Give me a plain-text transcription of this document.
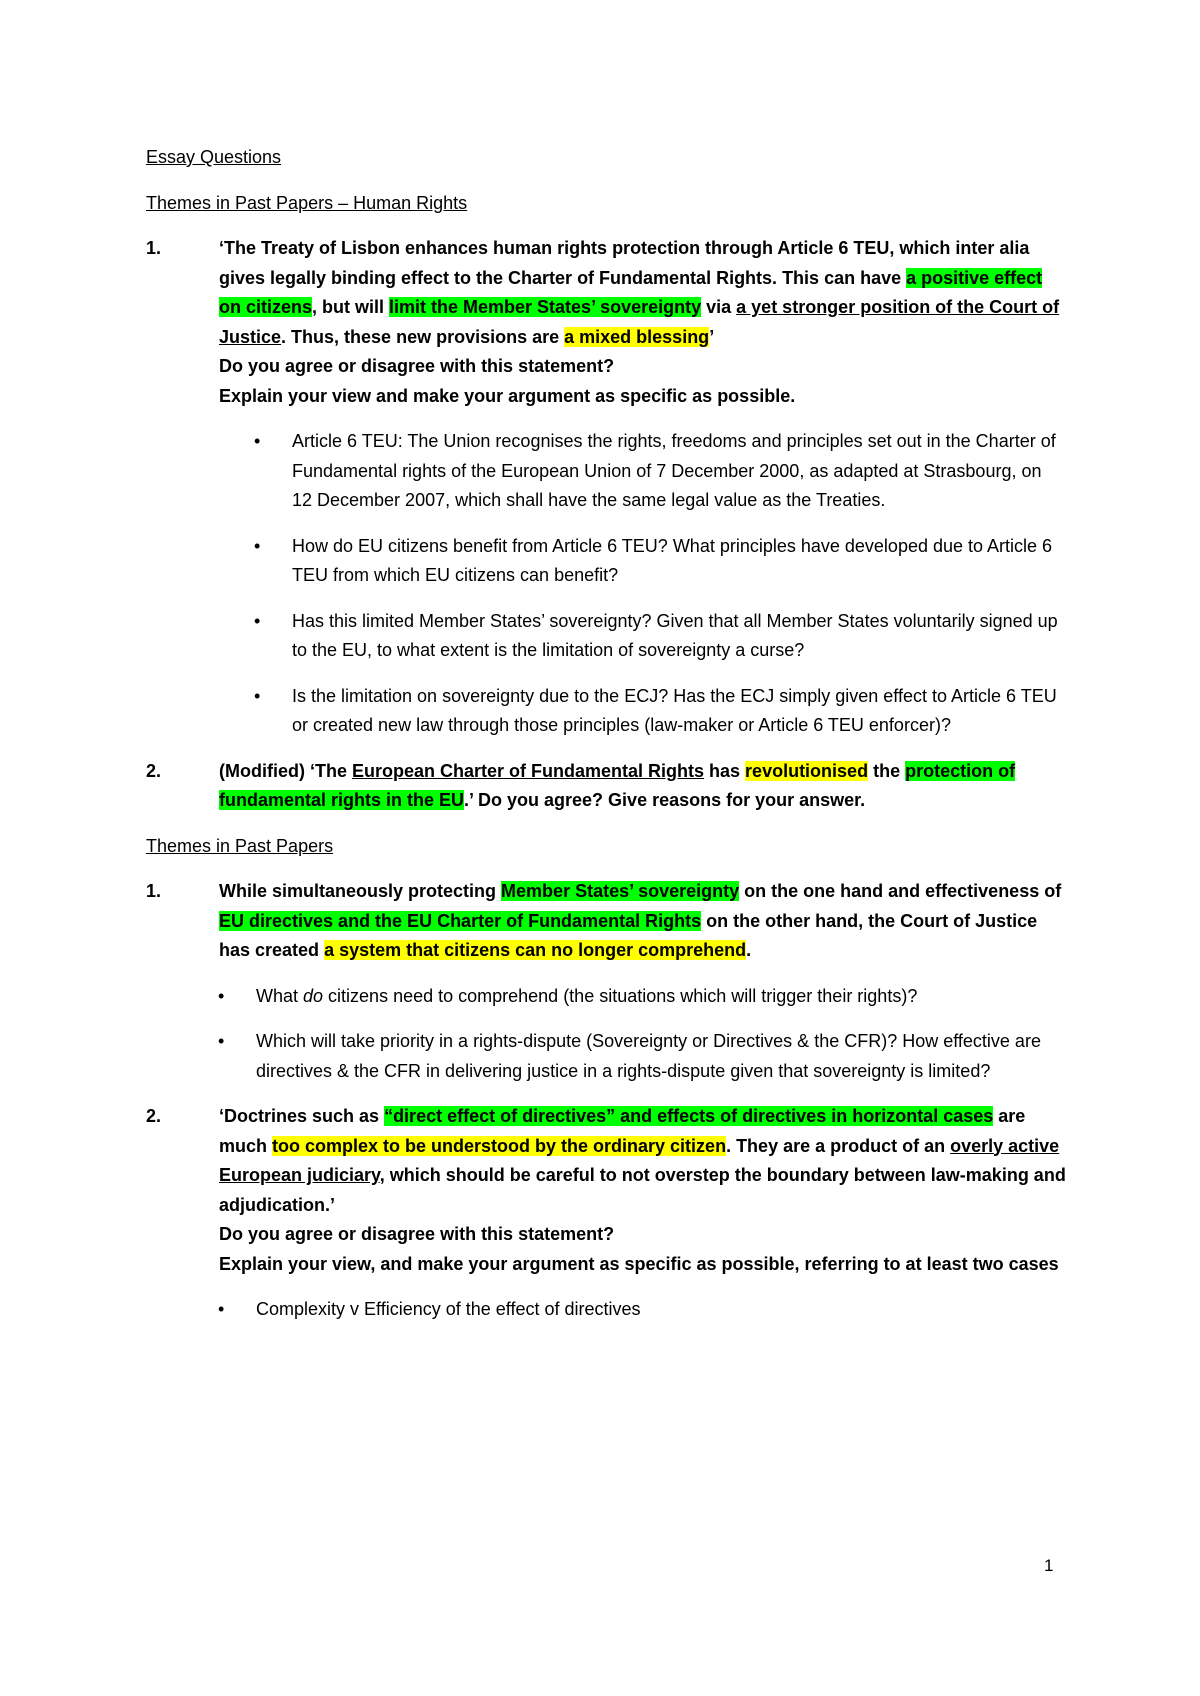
Essay Questions
Themes in Past Papers – Human Rights
1.	‘The Treaty of Lisbon enhances human rights protection through Article 6 TEU, which inter alia gives legally binding effect to the Charter of Fundamental Rights. This can have a positive effect on citizens, but will limit the Member States’ sovereignty via a yet stronger position of the Court of Justice. Thus, these new provisions are a mixed blessing’
Do you agree or disagree with this statement?
Explain your view and make your argument as specific as possible.
• Article 6 TEU: The Union recognises the rights, freedoms and principles set out in the Charter of Fundamental rights of the European Union of 7 December 2000, as adapted at Strasbourg, on 12 December 2007, which shall have the same legal value as the Treaties.
• How do EU citizens benefit from Article 6 TEU? What principles have developed due to Article 6 TEU from which EU citizens can benefit?
• Has this limited Member States’ sovereignty? Given that all Member States voluntarily signed up to the EU, to what extent is the limitation of sovereignty a curse?
• Is the limitation on sovereignty due to the ECJ? Has the ECJ simply given effect to Article 6 TEU or created new law through those principles (law-maker or Article 6 TEU enforcer)?
2.	(Modified) ‘The European Charter of Fundamental Rights has revolutionised the protection of fundamental rights in the EU.’ Do you agree? Give reasons for your answer.
Themes in Past Papers
1.	While simultaneously protecting Member States’ sovereignty on the one hand and effectiveness of EU directives and the EU Charter of Fundamental Rights on the other hand, the Court of Justice has created a system that citizens can no longer comprehend.
• What do citizens need to comprehend (the situations which will trigger their rights)?
• Which will take priority in a rights-dispute (Sovereignty or Directives & the CFR)? How effective are directives & the CFR in delivering justice in a rights-dispute given that sovereignty is limited?
2.	‘Doctrines such as “direct effect of directives” and effects of directives in horizontal cases are much too complex to be understood by the ordinary citizen. They are a product of an overly active European judiciary, which should be careful to not overstep the boundary between law-making and adjudication.’
Do you agree or disagree with this statement?
Explain your view, and make your argument as specific as possible, referring to at least two cases
• Complexity v Efficiency of the effect of directives
1
